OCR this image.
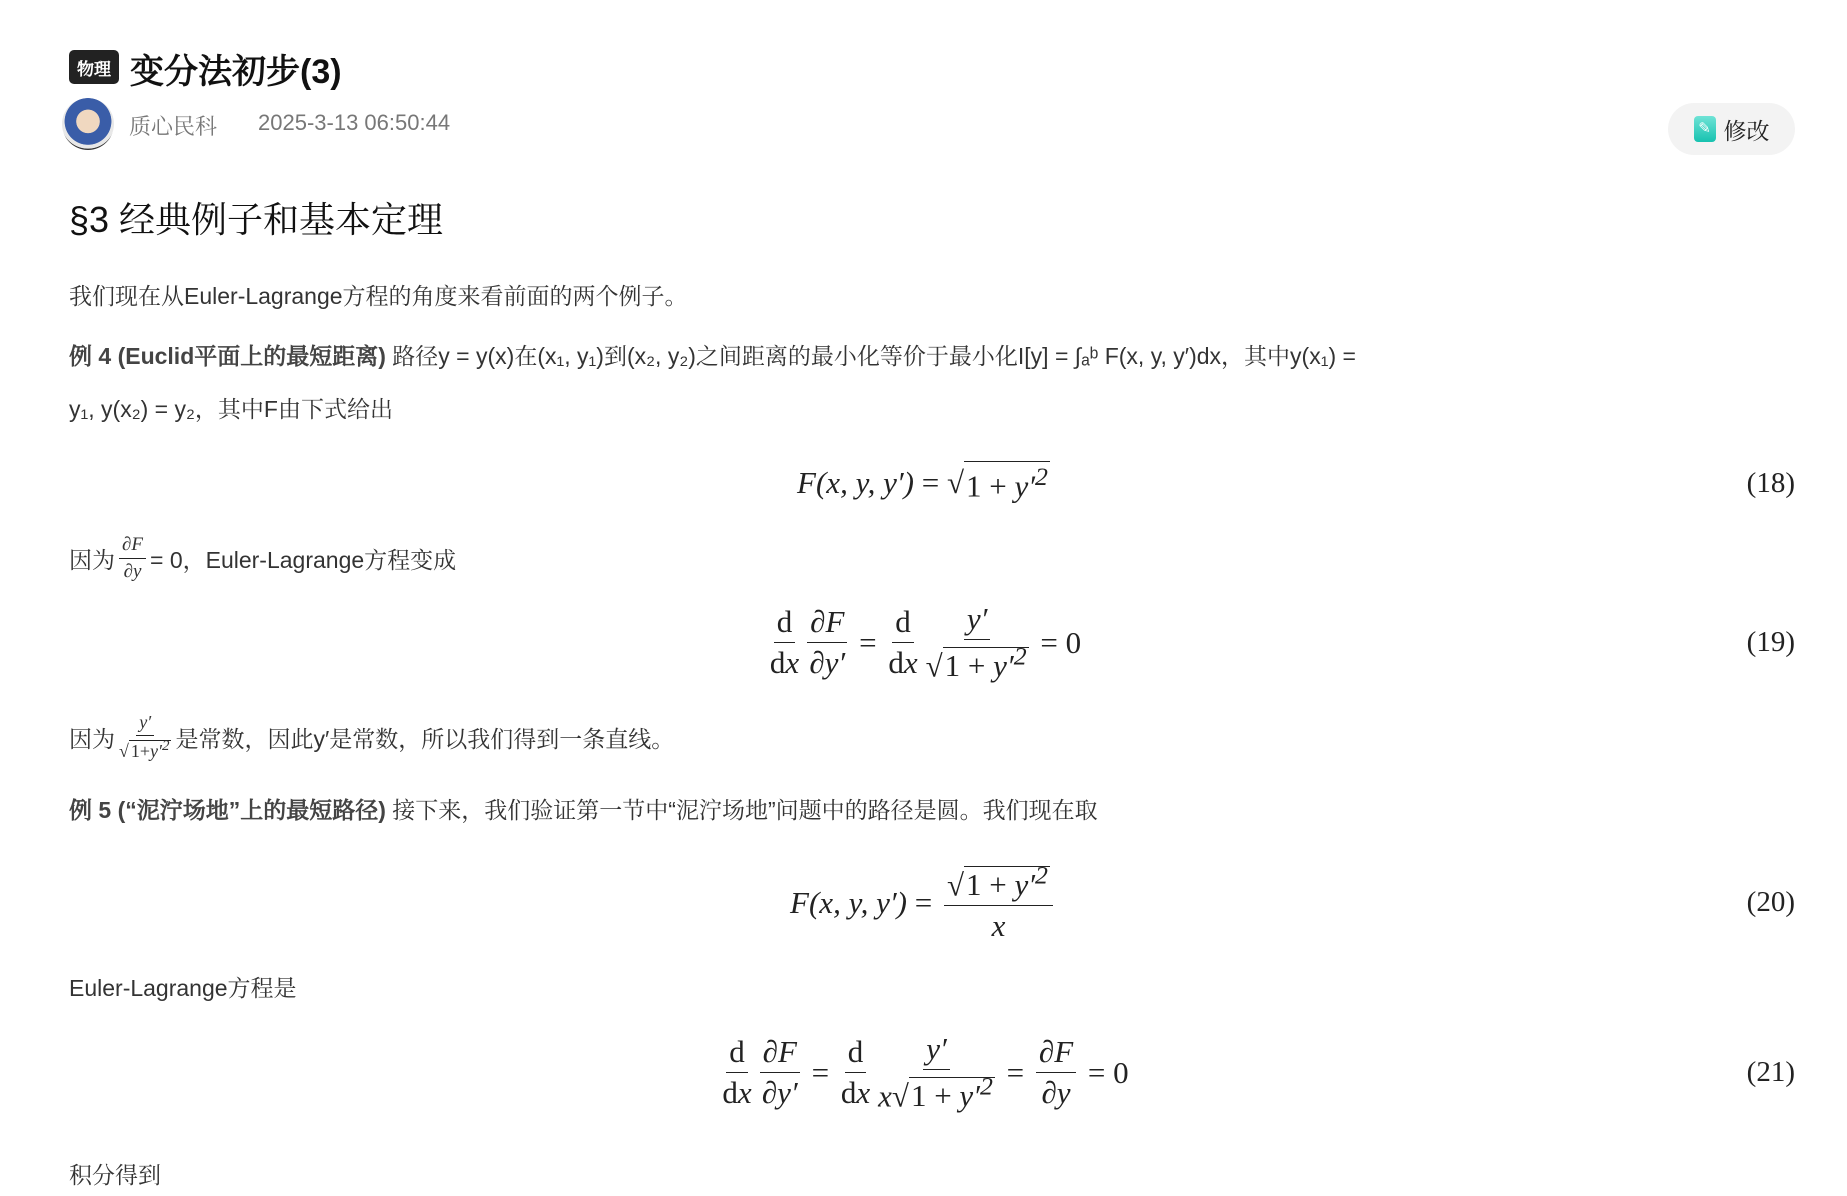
物理 变分法初步(3)
质心民科 2025-3-13 06:50:44	✎ 修改
§3 经典例子和基本定理
我们现在从Euler-Lagrange方程的角度来看前面的两个例子。
例 4 (Euclid平面上的最短距离) 路径y = y(x)在(x₁, y₁)到(x₂, y₂)之间距离的最小化等价于最小化I[y] = ∫ₐᵇ F(x, y, y′)dx，其中y(x₁) =
y₁, y(x₂) = y₂，其中F由下式给出
F(x, y, y′) = √ $1 + y'^2$	(18)
因为 $\frac{\partial F}{\partial y} = 0$，Euler-Lagrange方程变成
$\frac{d}{dx} \frac{\partial F}{\partial y'} = \frac{d}{dx} \frac{y'}{√1 + y'^2} = 0$	(19)
因为 $\frac{y'}{√ 1+y'^2}$ 是常数，因此y′是常数，所以我们得到一条直线。
例 5 (“泥泞场地”上的最短路径) 接下来，我们验证第一节中“泥泞场地”问题中的路径是圆。我们现在取
F(x, y, $y') = \frac{√1 + y'^2}{x}$	(20)
Euler-Lagrange方程是
$\frac{d}{dx} \frac{\partial F}{\partial y'} = \frac{d}{dx} \frac{y'}{x√1 + y'^2} = \frac{\partial F}{\partial y} = 0$	(21)
积分得到
